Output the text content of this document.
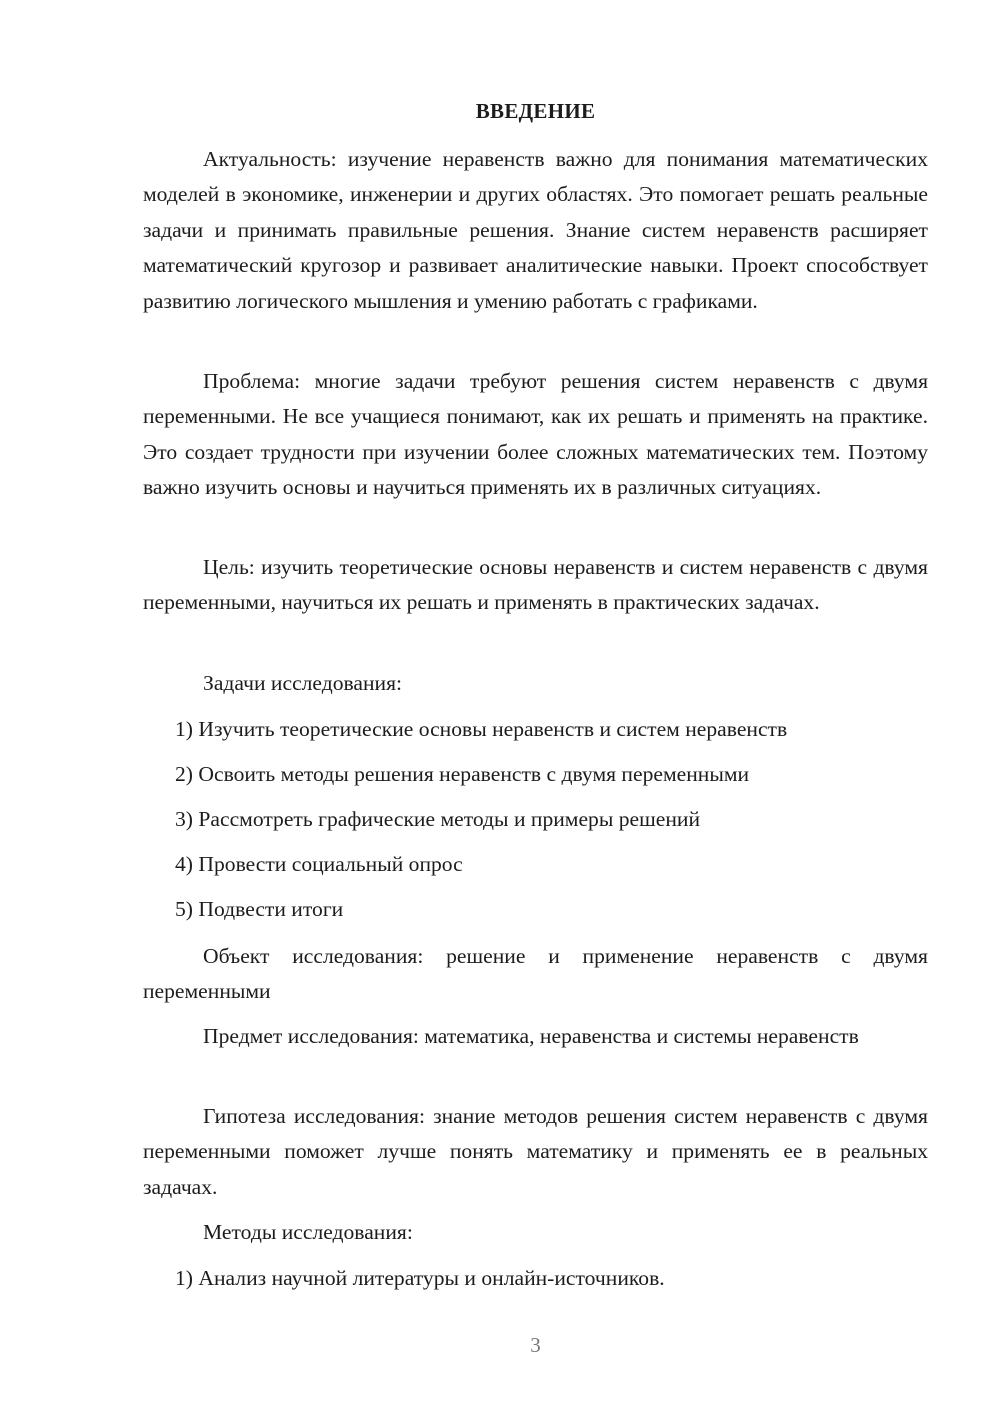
ВВЕДЕНИЕ

Актуальность: изучение неравенств важно для понимания математических моделей в экономике, инженерии и других областях. Это помогает решать реальные задачи и принимать правильные решения. Знание систем неравенств расширяет математический кругозор и развивает аналитические навыки. Проект способствует развитию логического мышления и умению работать с графиками.

Проблема: многие задачи требуют решения систем неравенств с двумя переменными. Не все учащиеся понимают, как их решать и применять на практике. Это создает трудности при изучении более сложных математических тем. Поэтому важно изучить основы и научиться применять их в различных ситуациях.

Цель: изучить теоретические основы неравенств и систем неравенств с двумя переменными, научиться их решать и применять в практических задачах.

Задачи исследования:

1) Изучить теоретические основы неравенств и систем неравенств

2) Освоить методы решения неравенств с двумя переменными

3) Рассмотреть графические методы и примеры решений

4) Провести социальный опрос

5) Подвести итоги

Объект исследования: решение и применение неравенств с двумя переменными

Предмет исследования: математика, неравенства и системы неравенств

Гипотеза исследования: знание методов решения систем неравенств с двумя переменными поможет лучше понять математику и применять ее в реальных задачах.

Методы исследования:

1) Анализ научной литературы и онлайн-источников.

3
